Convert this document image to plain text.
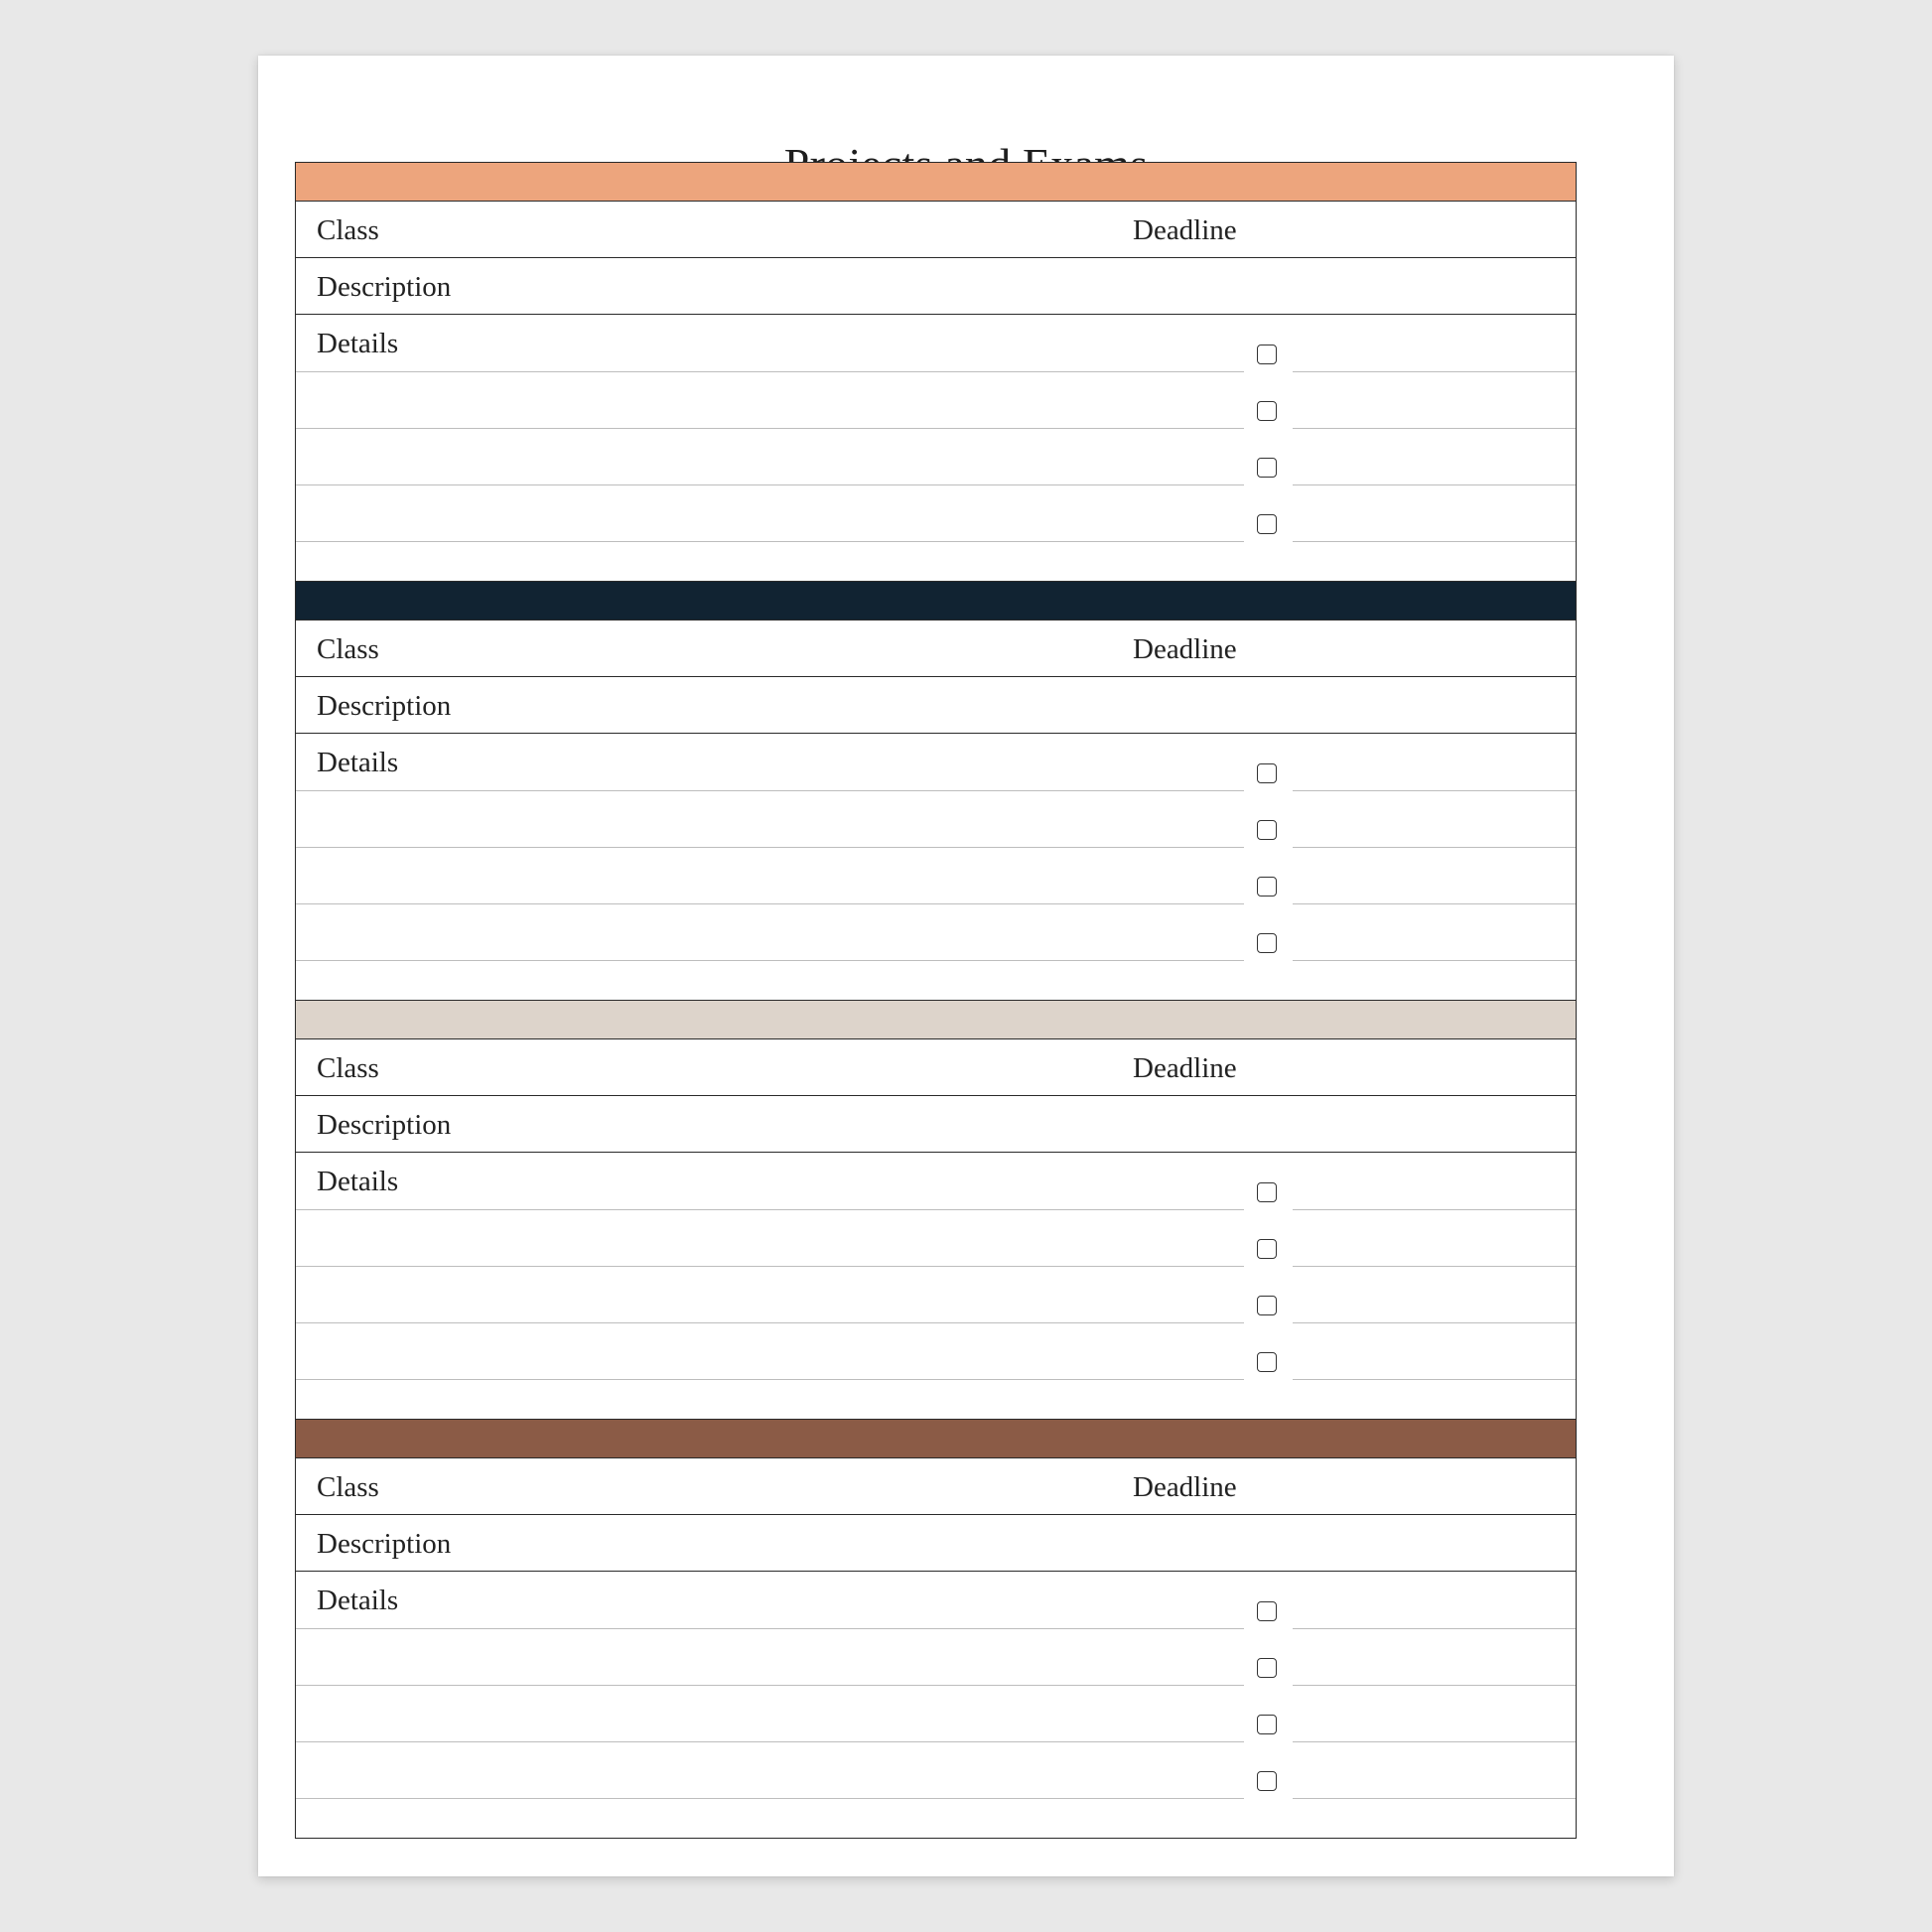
Class	Deadline
Description
Details
Class	Deadline
Description
Details
Class	Deadline
Description
Details
Class	Deadline
Description
Details
